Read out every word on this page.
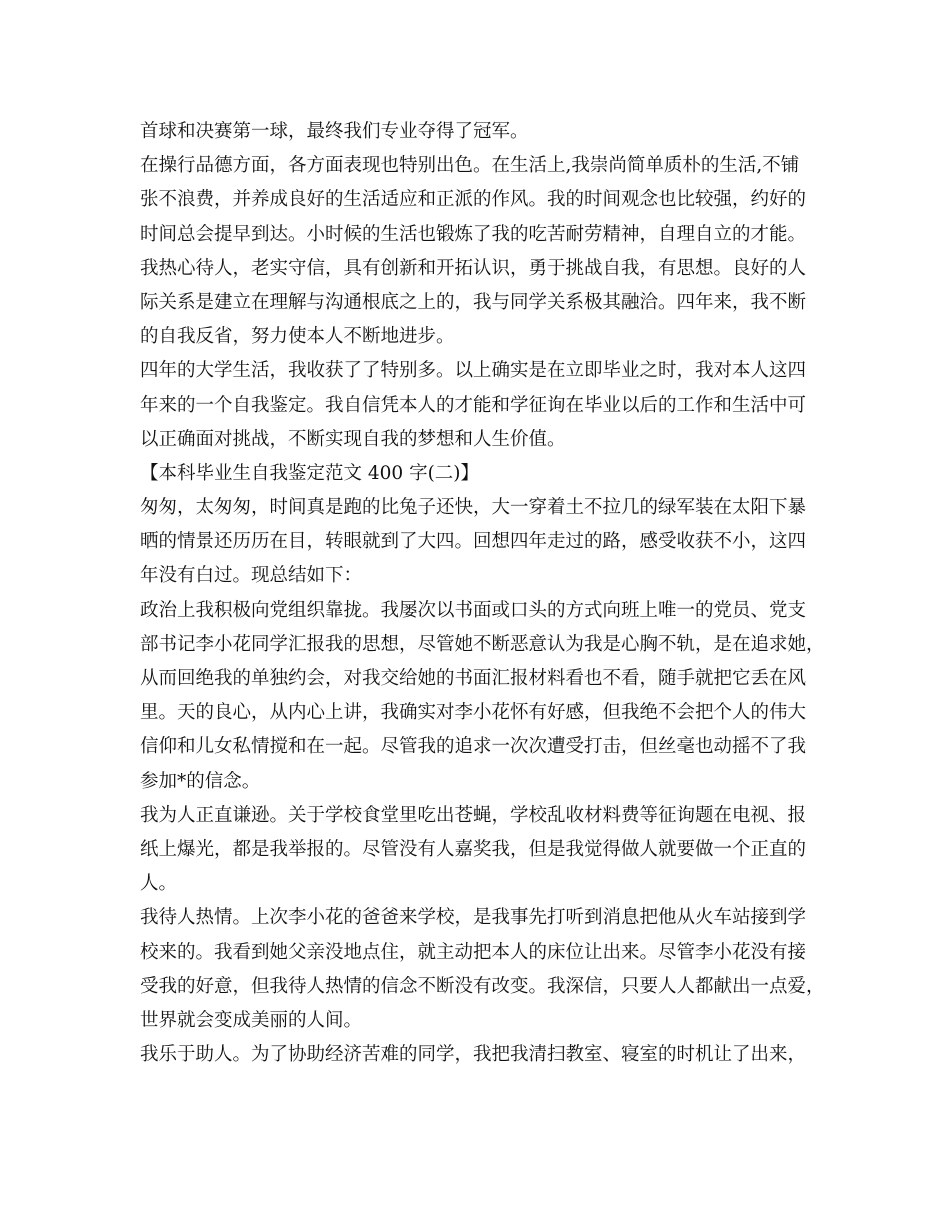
首球和决赛第一球，最终我们专业夺得了冠军。
在操行品德方面，各方面表现也特别出色。在生活上,我崇尚简单质朴的生活,不铺
张不浪费，并养成良好的生活适应和正派的作风。我的时间观念也比较强，约好的
时间总会提早到达。小时候的生活也锻炼了我的吃苦耐劳精神，自理自立的才能。
我热心待人，老实守信，具有创新和开拓认识，勇于挑战自我，有思想。良好的人
际关系是建立在理解与沟通根底之上的，我与同学关系极其融洽。四年来，我不断
的自我反省，努力使本人不断地进步。
四年的大学生活，我收获了了特别多。以上确实是在立即毕业之时，我对本人这四
年来的一个自我鉴定。我自信凭本人的才能和学征询在毕业以后的工作和生活中可
以正确面对挑战，不断实现自我的梦想和人生价值。
【本科毕业生自我鉴定范文 400 字(二)】
匆匆，太匆匆，时间真是跑的比兔子还快，大一穿着土不拉几的绿军装在太阳下暴
晒的情景还历历在目，转眼就到了大四。回想四年走过的路，感受收获不小，这四
年没有白过。现总结如下：
政治上我积极向党组织靠拢。我屡次以书面或口头的方式向班上唯一的党员、党支
部书记李小花同学汇报我的思想，尽管她不断恶意认为我是心胸不轨，是在追求她，
从而回绝我的单独约会，对我交给她的书面汇报材料看也不看，随手就把它丢在风
里。天的良心，从内心上讲，我确实对李小花怀有好感，但我绝不会把个人的伟大
信仰和儿女私情搅和在一起。尽管我的追求一次次遭受打击，但丝毫也动摇不了我
参加*的信念。
我为人正直谦逊。关于学校食堂里吃出苍蝇，学校乱收材料费等征询题在电视、报
纸上爆光，都是我举报的。尽管没有人嘉奖我，但是我觉得做人就要做一个正直的
人。
我待人热情。上次李小花的爸爸来学校，是我事先打听到消息把他从火车站接到学
校来的。我看到她父亲没地点住，就主动把本人的床位让出来。尽管李小花没有接
受我的好意，但我待人热情的信念不断没有改变。我深信，只要人人都献出一点爱，
世界就会变成美丽的人间。
我乐于助人。为了协助经济苦难的同学，我把我清扫教室、寝室的时机让了出来，
